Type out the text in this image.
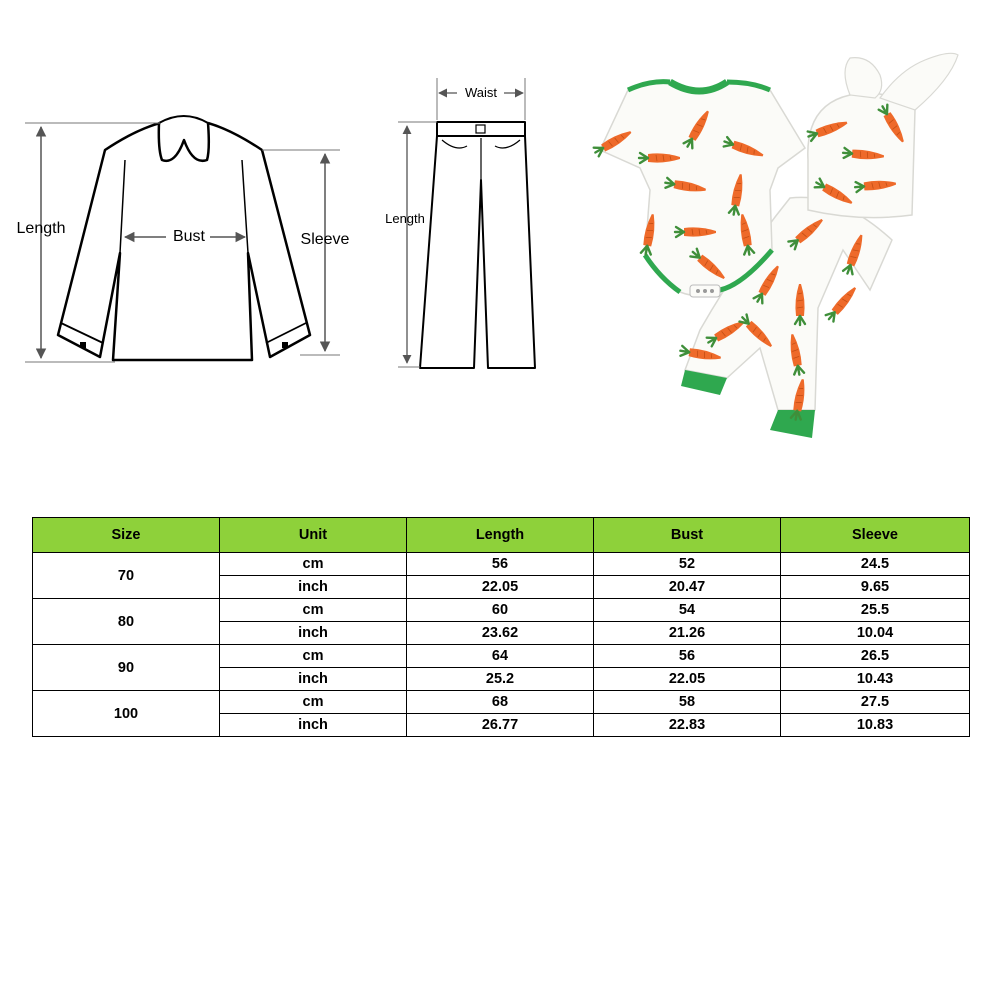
Length	Bust	Sleeve
Waist
Length
Size	Unit	Length	Bust	Sleeve
70	cm	56	52	24.5
	inch	22.05	20.47	9.65
80	cm	60	54	25.5
	inch	23.62	21.26	10.04
90	cm	64	56	26.5
	inch	25.2	22.05	10.43
100	cm	68	58	27.5
	inch	26.77	22.83	10.83
